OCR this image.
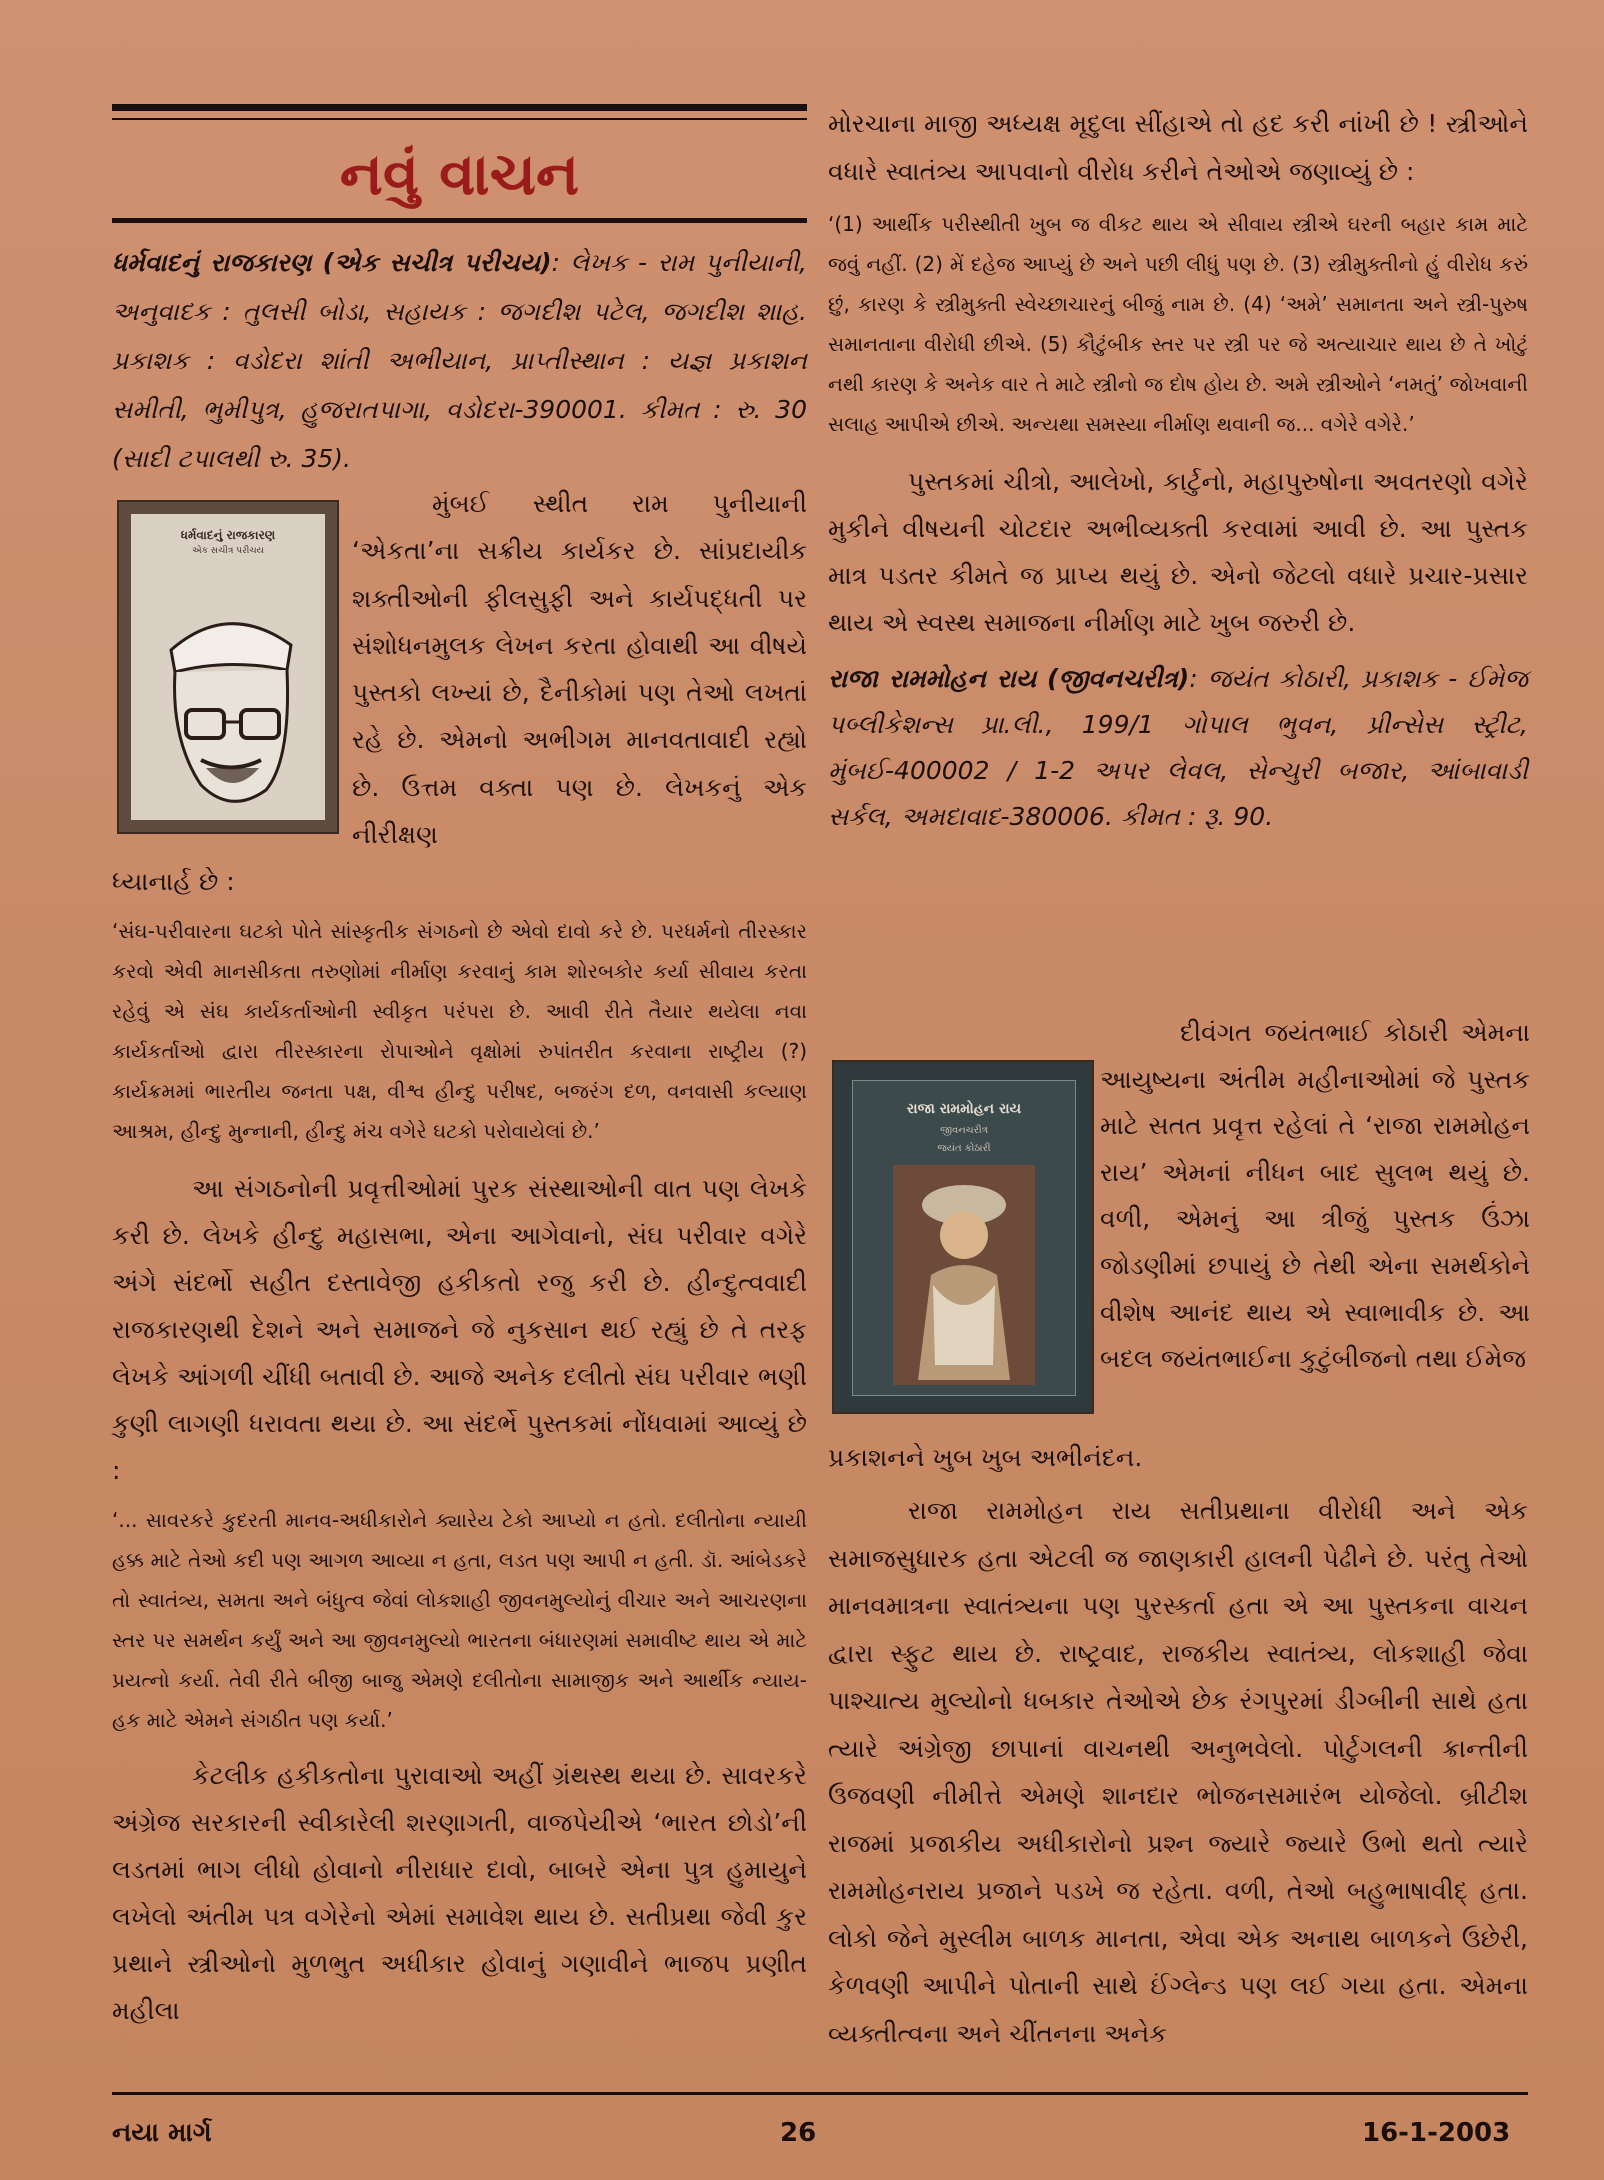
નવું વાચન

ધર્મવાદનું રાજકારણ (એક સચીત્ર પરીચય): લેખક - રામ પુનીયાની, અનુવાદક : તુલસી બોડા, સહાયક : જગદીશ પટેલ, જગદીશ શાહ. પ્રકાશક : વડોદરા શાંતી અભીયાન, પ્રાપ્તીસ્થાન : યજ્ઞ પ્રકાશન સમીતી, ભુમીપુત્ર, હુજરાતપાગા, વડોદરા-390001. કીમત : રુ. 30 (સાદી ટપાલથી રુ. 35).

ધર્મવાદનું રાજકારણ
એક સચીત્ર પરીચય

મુંબઈ સ્થીત રામ પુનીયાની ‘એકતા’ના સક્રીય કાર્યકર છે. સાંપ્રદાયીક શક્તીઓની ફીલસુફી અને કાર્યપદ્ધતી પર સંશોધનમુલક લેખન કરતા હોવાથી આ વીષયે પુસ્તકો લખ્યાં છે, દૈનીકોમાં પણ તેઓ લખતાં રહે છે. એમનો અભીગમ માનવતાવાદી રહ્યો છે. ઉત્તમ વક્તા પણ છે. લેખકનું એક નીરીક્ષણ

ધ્યાનાર્હ છે :

‘સંઘ-પરીવારના ઘટકો પોતે સાંસ્કૃતીક સંગઠનો છે એવો દાવો કરે છે. પરધર્મનો તીરસ્કાર કરવો એવી માનસીકતા તરુણોમાં નીર્માણ કરવાનું કામ શોરબકોર કર્યા સીવાય કરતા રહેવું એ સંઘ કાર્યકર્તાઓની સ્વીકૃત પરંપરા છે. આવી રીતે તૈયાર થયેલા નવા કાર્યકર્તાઓ દ્વારા તીરસ્કારના રોપાઓને વૃક્ષોમાં રુપાંતરીત કરવાના રાષ્ટ્રીય (?) કાર્યક્રમમાં ભારતીય જનતા પક્ષ, વીશ્વ હીન્દુ પરીષદ, બજરંગ દળ, વનવાસી કલ્યાણ આશ્રમ, હીન્દુ મુન્નાની, હીન્દુ મંચ વગેરે ઘટકો પરોવાયેલાં છે.’

આ સંગઠનોની પ્રવૃત્તીઓમાં પુરક સંસ્થાઓની વાત પણ લેખકે કરી છે. લેખકે હીન્દુ મહાસભા, એના આગેવાનો, સંઘ પરીવાર વગેરે અંગે સંદર્ભો સહીત દસ્તાવેજી હકીકતો રજુ કરી છે. હીન્દુત્વવાદી રાજકારણથી દેશને અને સમાજને જે નુકસાન થઈ રહ્યું છે તે તરફ લેખકે આંગળી ચીંધી બતાવી છે. આજે અનેક દલીતો સંઘ પરીવાર ભણી કુણી લાગણી ધરાવતા થયા છે. આ સંદર્ભે પુસ્તકમાં નોંધવામાં આવ્યું છે :

‘... સાવરકરે કુદરતી માનવ-અધીકારોને ક્યારેય ટેકો આપ્યો ન હતો. દલીતોના ન્યાયી હક્ક માટે તેઓ કદી પણ આગળ આવ્યા ન હતા, લડત પણ આપી ન હતી. ડૉ. આંબેડકરે તો સ્વાતંત્ર્ય, સમતા અને બંધુત્વ જેવાં લોકશાહી જીવનમુલ્યોનું વીચાર અને આચરણના સ્તર પર સમર્થન કર્યું અને આ જીવનમુલ્યો ભારતના બંધારણમાં સમાવીષ્ટ થાય એ માટે પ્રયત્નો કર્યા. તેવી રીતે બીજી બાજુ એમણે દલીતોના સામાજીક અને આર્થીક ન્યાય-હક માટે એમને સંગઠીત પણ કર્યા.’

કેટલીક હકીકતોના પુરાવાઓ અહીં ગ્રંથસ્થ થયા છે. સાવરકરે અંગ્રેજ સરકારની સ્વીકારેલી શરણાગતી, વાજપેયીએ ‘ભારત છોડો’ની લડતમાં ભાગ લીધો હોવાનો નીરાધાર દાવો, બાબરે એના પુત્ર હુમાયુને લખેલો અંતીમ પત્ર વગેરેનો એમાં સમાવેશ થાય છે. સતીપ્રથા જેવી કુર પ્રથાને સ્ત્રીઓનો મુળભુત અધીકાર હોવાનું ગણાવીને ભાજપ પ્રણીત મહીલા

મોરચાના માજી અધ્યક્ષ મૃદુલા સીંહાએ તો હદ કરી નાંખી છે ! સ્ત્રીઓને વધારે સ્વાતંત્ર્ય આપવાનો વીરોધ કરીને તેઓએ જણાવ્યું છે :

‘(1) આર્થીક પરીસ્થીતી ખુબ જ વીકટ થાય એ સીવાય સ્ત્રીએ ઘરની બહાર કામ માટે જવું નહીં. (2) મેં દહેજ આપ્યું છે અને પછી લીધું પણ છે. (3) સ્ત્રીમુક્તીનો હું વીરોધ કરું છું, કારણ કે સ્ત્રીમુક્તી સ્વેચ્છાચારનું બીજું નામ છે. (4) ‘અમે’ સમાનતા અને સ્ત્રી-પુરુષ સમાનતાના વીરોધી છીએ. (5) કૌટુંબીક સ્તર પર સ્ત્રી પર જે અત્યાચાર થાય છે તે ખોટું નથી કારણ કે અનેક વાર તે માટે સ્ત્રીનો જ દોષ હોય છે. અમે સ્ત્રીઓને ‘નમતું’ જોખવાની સલાહ આપીએ છીએ. અન્યથા સમસ્યા નીર્માણ થવાની જ... વગેરે વગેરે.’

પુસ્તકમાં ચીત્રો, આલેખો, કાર્ટુનો, મહાપુરુષોના અવતરણો વગેરે મુકીને વીષયની ચોટદાર અભીવ્યક્તી કરવામાં આવી છે. આ પુસ્તક માત્ર પડતર કીમતે જ પ્રાપ્ય થયું છે. એનો જેટલો વધારે પ્રચાર-પ્રસાર થાય એ સ્વસ્થ સમાજના નીર્માણ માટે ખુબ જરુરી છે.

રાજા રામમોહન રાય (જીવનચરીત્ર): જયંત કોઠારી, પ્રકાશક - ઈમેજ પબ્લીકેશન્સ પ્રા.લી., 199/1 ગોપાલ ભુવન, પ્રીન્સેસ સ્ટ્રીટ, મુંબઈ-400002 / 1-2 અપર લેવલ, સેન્ચુરી બજાર, આંબાવાડી સર્કલ, અમદાવાદ-380006. કીમત : રૂ. 90.

રાજા રામમોહન રાય
જીવનચરીત્ર
જયંત કોઠારી

દીવંગત જયંતભાઈ કોઠારી એમના આયુષ્યના અંતીમ મહીનાઓમાં જે પુસ્તક માટે સતત પ્રવૃત્ત રહેલાં તે ‘રાજા રામમોહન રાય’ એમનાં નીધન બાદ સુલભ થયું છે. વળી, એમનું આ ત્રીજું પુસ્તક ઉંઝા જોડણીમાં છપાયું છે તેથી એના સમર્થકોને વીશેષ આનંદ થાય એ સ્વાભાવીક છે. આ બદલ જયંતભાઈના કુટુંબીજનો તથા ઈમેજ

પ્રકાશનને ખુબ ખુબ અભીનંદન.

રાજા રામમોહન રાય સતીપ્રથાના વીરોધી અને એક સમાજસુધારક હતા એટલી જ જાણકારી હાલની પેઢીને છે. પરંતુ તેઓ માનવમાત્રના સ્વાતંત્ર્યના પણ પુરસ્કર્તા હતા એ આ પુસ્તકના વાચન દ્વારા સ્ફુટ થાય છે. રાષ્ટ્રવાદ, રાજકીય સ્વાતંત્ર્ય, લોકશાહી જેવા પાશ્ચાત્ય મુલ્યોનો ધબકાર તેઓએ છેક રંગપુરમાં ડીગ્બીની સાથે હતા ત્યારે અંગ્રેજી છાપાનાં વાચનથી અનુભવેલો. પોર્ટુગલની ક્રાન્તીની ઉજવણી નીમીત્તે એમણે શાનદાર ભોજનસમારંભ યોજેલો. બ્રીટીશ રાજમાં પ્રજાકીય અધીકારોનો પ્રશ્ન જ્યારે જ્યારે ઉભો થતો ત્યારે રામમોહનરાય પ્રજાને પડખે જ રહેતા. વળી, તેઓ બહુભાષાવીદ્ હતા. લોકો જેને મુસ્લીમ બાળક માનતા, એવા એક અનાથ બાળકને ઉછેરી, કેળવણી આપીને પોતાની સાથે ઈંગ્લેન્ડ પણ લઈ ગયા હતા. એમના વ્યક્તીત્વના અને ચીંતનના અનેક

નયા માર્ગ	26	16-1-2003
